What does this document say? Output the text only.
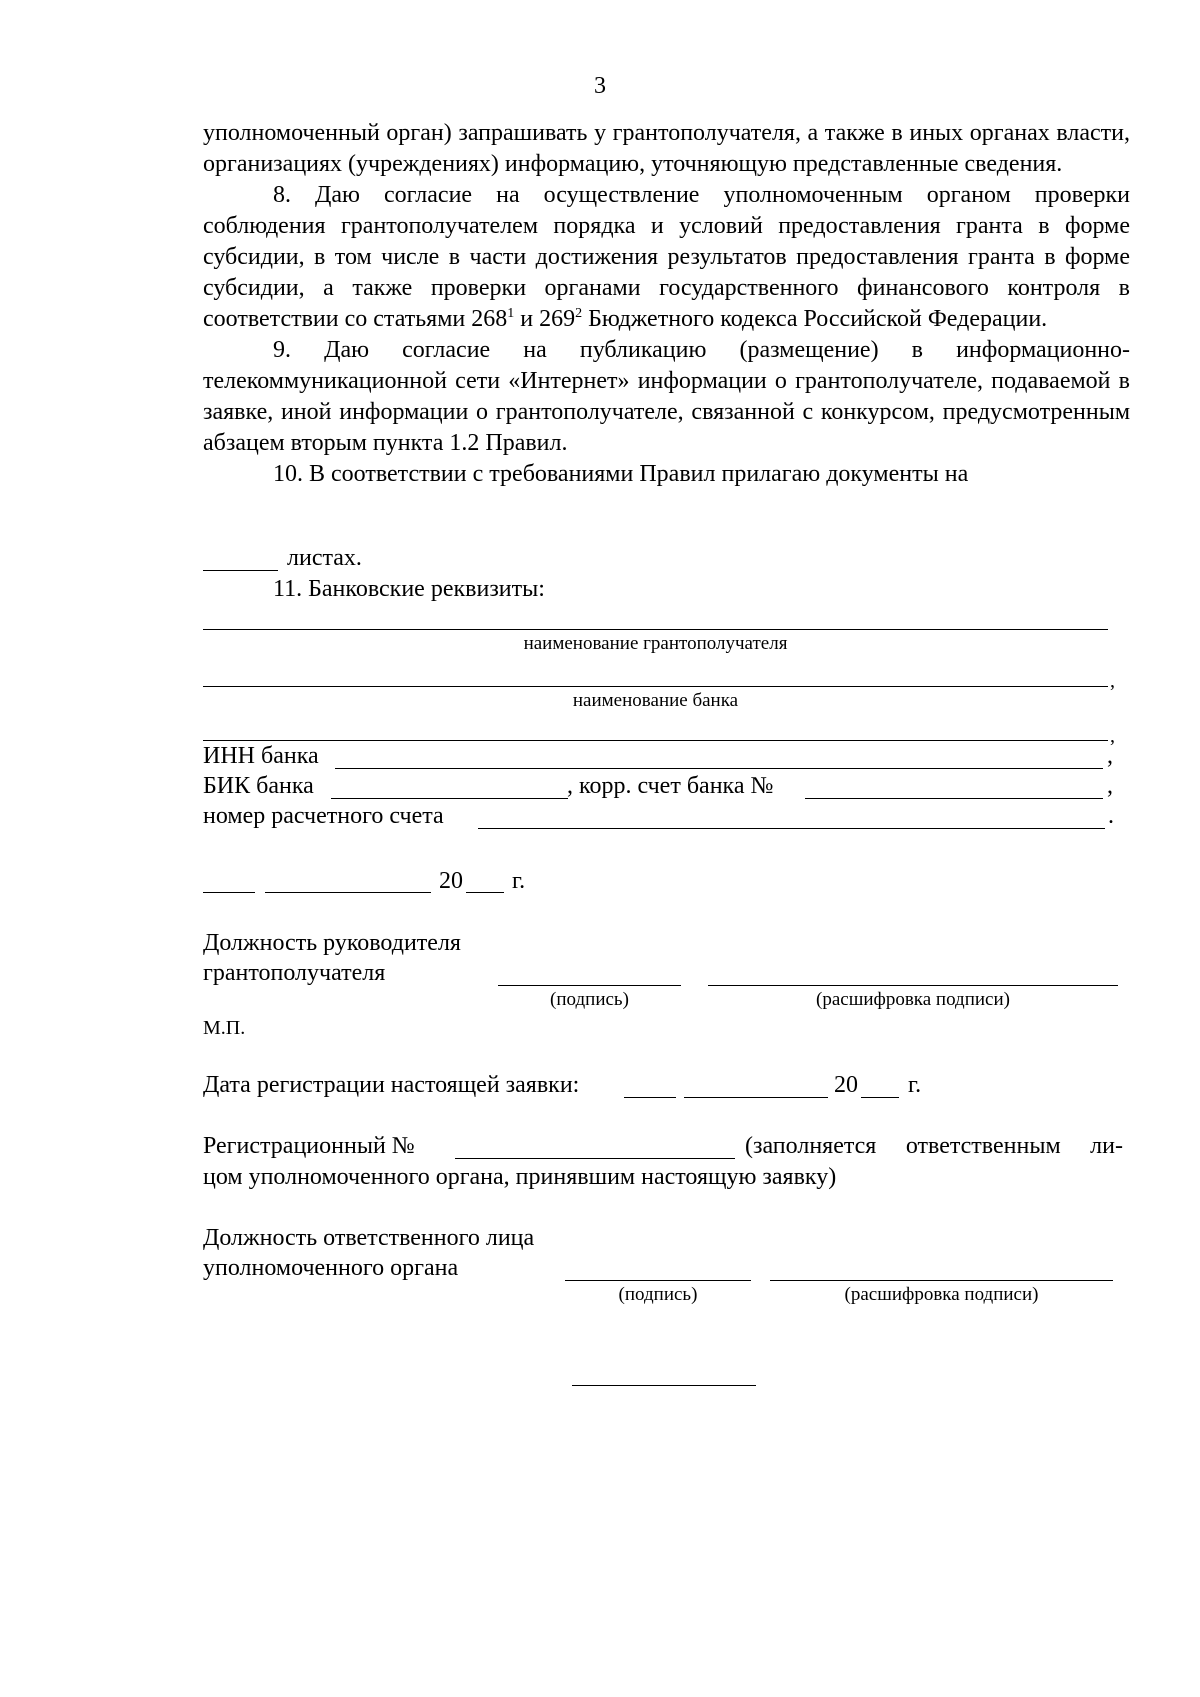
3

уполномоченный орган) запрашивать у грантополучателя, а также в иных органах власти, организациях (учреждениях) информацию, уточняющую представленные сведения.

8. Даю согласие на осуществление уполномоченным органом проверки соблюдения грантополучателем порядка и условий предоставления гранта в форме субсидии, в том числе в части достижения результатов предоставления гранта в форме субсидии, а также проверки органами государственного финансового контроля в соответствии со статьями $268^1$ и $269^2$ Бюджетного кодекса Российской Федерации.

9. Даю согласие на публикацию (размещение) в информационно-телекоммуникационной сети «Интернет» информации о грантополучателе, подаваемой в заявке, иной информации о грантополучателе, связанной с конкурсом, предусмотренным абзацем вторым пункта 1.2 Правил.

10. В соответствии с требованиями Правил прилагаю документы на

листах.
11. Банковские реквизиты:
наименование грантополучателя
,
наименование банка
,
ИНН банка	,
БИК банка	, корр. счет банка №	,
номер расчетного счета	.
20 г.
Должность руководителя
грантополучателя
(подпись)	(расшифровка подписи)
М.П.
Дата регистрации настоящей заявки:	20 г.
Регистрационный №	(заполняется ответственным ли-
цом уполномоченного органа, принявшим настоящую заявку)
Должность ответственного лица
уполномоченного органа
(подпись)	(расшифровка подписи)
